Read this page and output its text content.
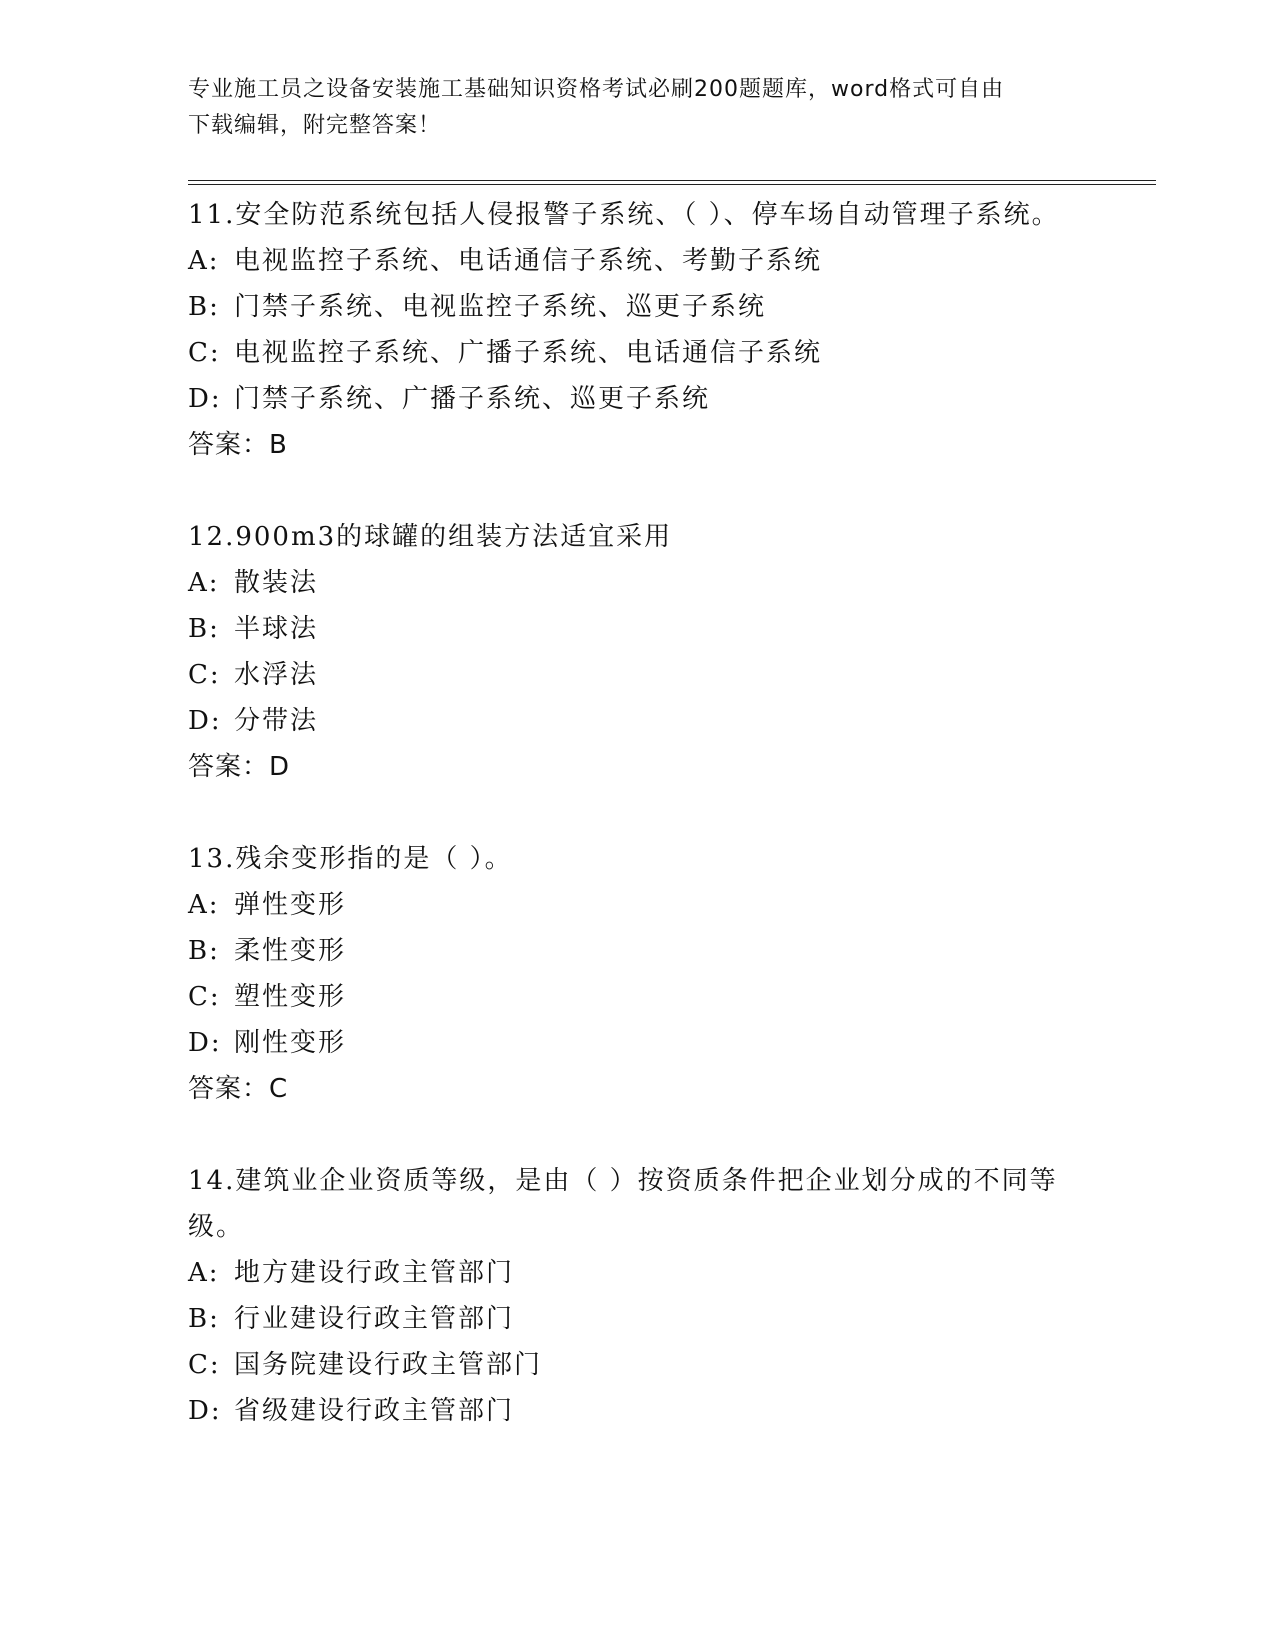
专业施工员之设备安装施工基础知识资格考试必刷200题题库，word格式可自由
下载编辑，附完整答案！

11.安全防范系统包括人侵报警子系统、（ ）、停车场自动管理子系统。

A: 电视监控子系统、电话通信子系统、考勤子系统

B: 门禁子系统、电视监控子系统、巡更子系统

C: 电视监控子系统、广播子系统、电话通信子系统

D: 门禁子系统、广播子系统、巡更子系统

答案：B

12.900m3的球罐的组装方法适宜采用

A: 散装法

B: 半球法

C: 水浮法

D: 分带法

答案：D

13.残余变形指的是（ ）。

A: 弹性变形

B: 柔性变形

C: 塑性变形

D: 刚性变形

答案：C

14.建筑业企业资质等级，是由（ ）按资质条件把企业划分成的不同等级。

A: 地方建设行政主管部门

B: 行业建设行政主管部门

C: 国务院建设行政主管部门

D: 省级建设行政主管部门
